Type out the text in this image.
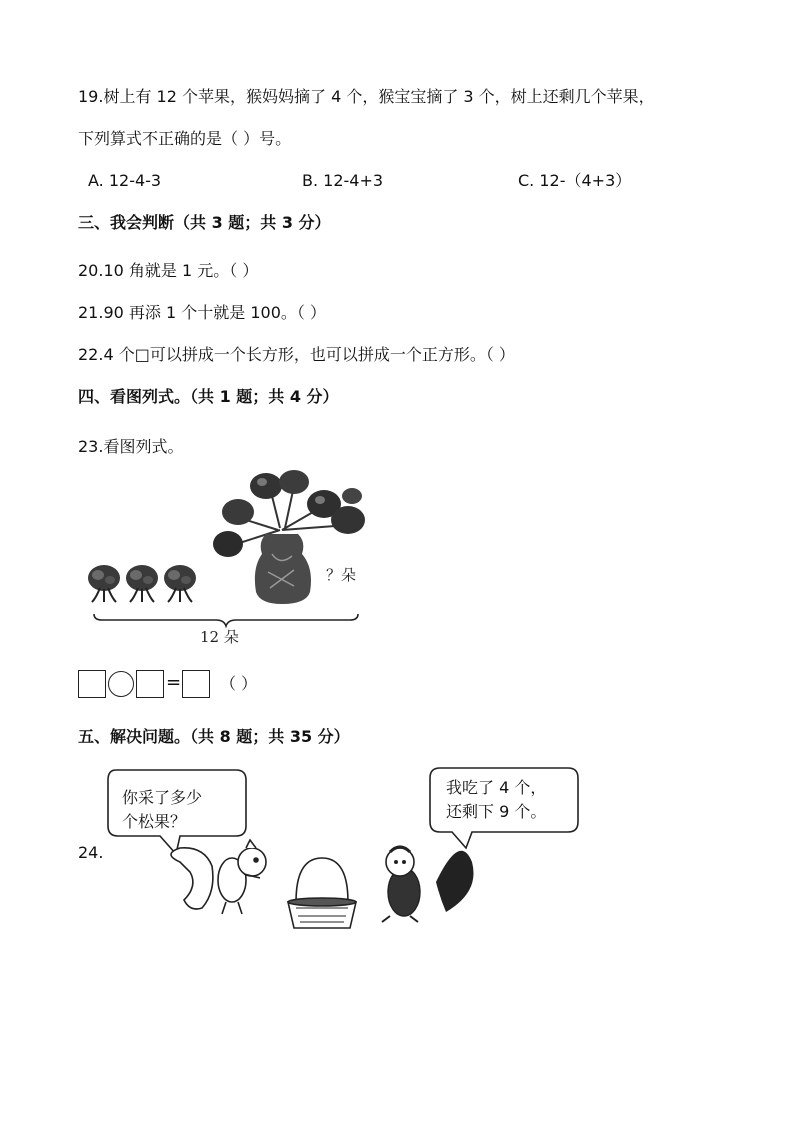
19.树上有 12 个苹果，猴妈妈摘了 4 个，猴宝宝摘了 3 个，树上还剩几个苹果，
下列算式不正确的是（ ）号。
A. 12-4-3	B. 12-4+3	C. 12-（4+3）
三、我会判断（共 3 题；共 3 分）
20.10 角就是 1 元。（ ）
21.90 再添 1 个十就是 100。（ ）
22.4 个□可以拼成一个长方形，也可以拼成一个正方形。（ ）
四、看图列式。（共 1 题；共 4 分）
23.看图列式。
？朵
12 朵
= （ ）
五、解决问题。（共 8 题；共 35 分）
24.
你采了多少
个松果？
我吃了 4 个，
还剩下 9 个。
